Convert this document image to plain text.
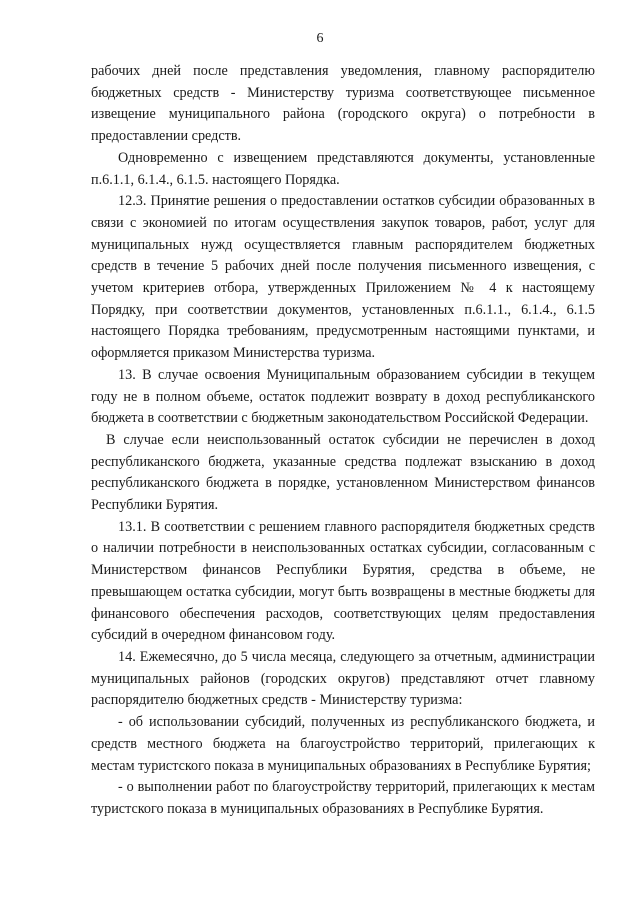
6

рабочих дней после представления уведомления, главному распорядителю бюджетных средств - Министерству туризма соответствующее письменное извещение муниципального района (городского округа) о потребности в предоставлении средств.

Одновременно с извещением представляются документы, установленные п.6.1.1, 6.1.4., 6.1.5. настоящего Порядка.

12.3. Принятие решения о предоставлении остатков субсидии образованных в связи с экономией по итогам осуществления закупок товаров, работ, услуг для муниципальных нужд осуществляется главным распорядителем бюджетных средств в течение 5 рабочих дней после получения письменного извещения, с учетом критериев отбора, утвержденных Приложением № 4 к настоящему Порядку, при соответствии документов, установленных п.6.1.1., 6.1.4., 6.1.5 настоящего Порядка требованиям, предусмотренным настоящими пунктами, и оформляется приказом Министерства туризма.

13. В случае освоения Муниципальным образованием субсидии в текущем году не в полном объеме, остаток подлежит возврату в доход республиканского бюджета в соответствии с бюджетным законодательством Российской Федерации.

В случае если неиспользованный остаток субсидии не перечислен в доход республиканского бюджета, указанные средства подлежат взысканию в доход республиканского бюджета в порядке, установленном Министерством финансов Республики Бурятия.

13.1. В соответствии с решением главного распорядителя бюджетных средств о наличии потребности в неиспользованных остатках субсидии, согласованным с Министерством финансов Республики Бурятия, средства в объеме, не превышающем остатка субсидии, могут быть возвращены в местные бюджеты для финансового обеспечения расходов, соответствующих целям предоставления субсидий в очередном финансовом году.

14. Ежемесячно, до 5 числа месяца, следующего за отчетным, администрации муниципальных районов (городских округов) представляют отчет главному распорядителю бюджетных средств - Министерству туризма:

- об использовании субсидий, полученных из республиканского бюджета, и средств местного бюджета на благоустройство территорий, прилегающих к местам туристского показа в муниципальных образованиях в Республике Бурятия;

- о выполнении работ по благоустройству территорий, прилегающих к местам туристского показа в муниципальных образованиях в Республике Бурятия.
